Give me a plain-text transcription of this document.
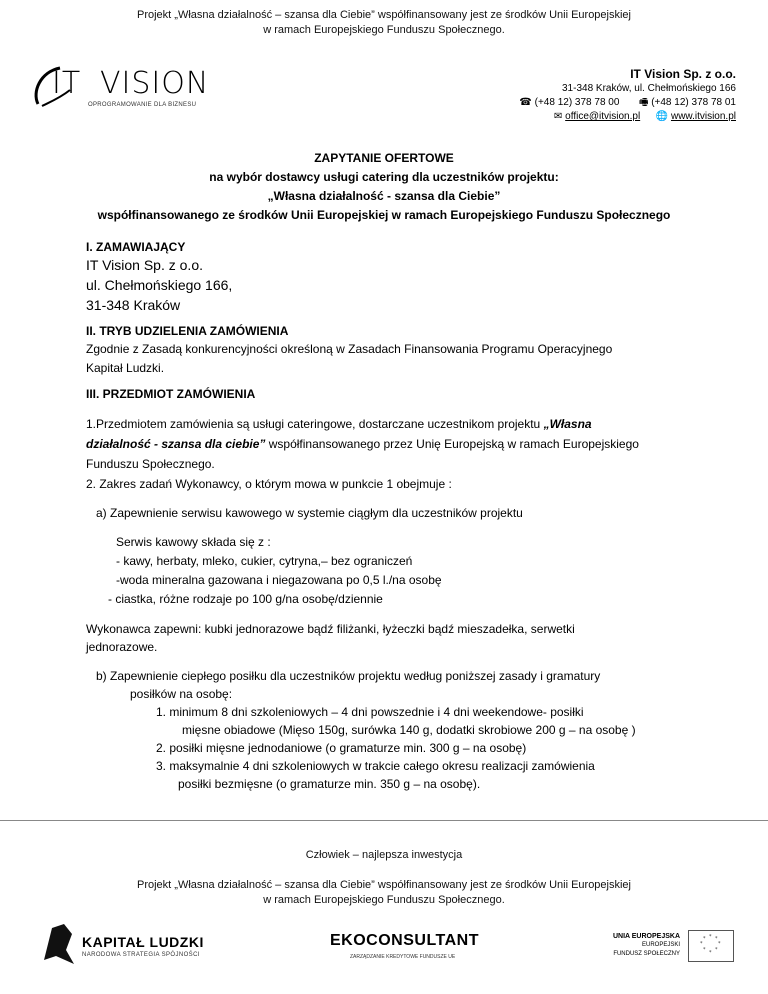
Projekt „Własna działalność – szansa dla Ciebie” współfinansowany jest ze środków Unii Europejskiej
w ramach Europejskiego Funduszu Społecznego.
IT VISION
OPROGRAMOWANIE DLA BIZNESU
IT Vision Sp. z o.o.
31-348 Kraków, ul. Chełmońskiego 166
☎ (+48 12) 378 78 00 🖷 (+48 12) 378 78 01
✉ office@itvision.pl 🌐 www.itvision.pl
ZAPYTANIE OFERTOWE
na wybór dostawcy usługi catering dla uczestników projektu:
„Własna działalność - szansa dla Ciebie”
współfinansowanego ze środków Unii Europejskiej w ramach Europejskiego Funduszu Społecznego
I. ZAMAWIAJĄCY
IT Vision Sp. z o.o.
ul. Chełmońskiego 166,
31-348 Kraków
II. TRYB UDZIELENIA ZAMÓWIENIA
Zgodnie z Zasadą konkurencyjności określoną w Zasadach Finansowania Programu Operacyjnego
Kapitał Ludzki.
III. PRZEDMIOT ZAMÓWIENIA
1.Przedmiotem zamówienia są usługi cateringowe, dostarczane uczestnikom projektu „Własna
działalność - szansa dla ciebie” współfinansowanego przez Unię Europejską w ramach Europejskiego
Funduszu Społecznego.
2. Zakres zadań Wykonawcy, o którym mowa w punkcie 1 obejmuje :
a) Zapewnienie serwisu kawowego w systemie ciągłym dla uczestników projektu
Serwis kawowy składa się z :
- kawy, herbaty, mleko, cukier, cytryna,– bez ograniczeń
-woda mineralna gazowana i niegazowana po 0,5 l./na osobę
- ciastka, różne rodzaje po 100 g/na osobę/dziennie
Wykonawca zapewni: kubki jednorazowe bądź filiżanki, łyżeczki bądź mieszadełka, serwetki
jednorazowe.
b) Zapewnienie ciepłego posiłku dla uczestników projektu według poniższej zasady i gramatury
posiłków na osobę:
1. minimum 8 dni szkoleniowych – 4 dni powszednie i 4 dni weekendowe- posiłki
mięsne obiadowe (Mięso 150g, surówka 140 g, dodatki skrobiowe 200 g – na osobę )
2. posiłki mięsne jednodaniowe (o gramaturze min. 300 g – na osobę)
3. maksymalnie 4 dni szkoleniowych w trakcie całego okresu realizacji zamówienia
posiłki bezmięsne (o gramaturze min. 350 g – na osobę).
Człowiek – najlepsza inwestycja
Projekt „Własna działalność – szansa dla Ciebie” współfinansowany jest ze środków Unii Europejskiej
w ramach Europejskiego Funduszu Społecznego.
KAPITAŁ LUDZKI
NARODOWA STRATEGIA SPÓJNOŚCI
EKOCONSULTANT
ZARZĄDZANIE KREDYTOWE FUNDUSZE UE
UNIA EUROPEJSKA
EUROPEJSKI
FUNDUSZ SPOŁECZNY
* *
*
*
*
*
*
*
